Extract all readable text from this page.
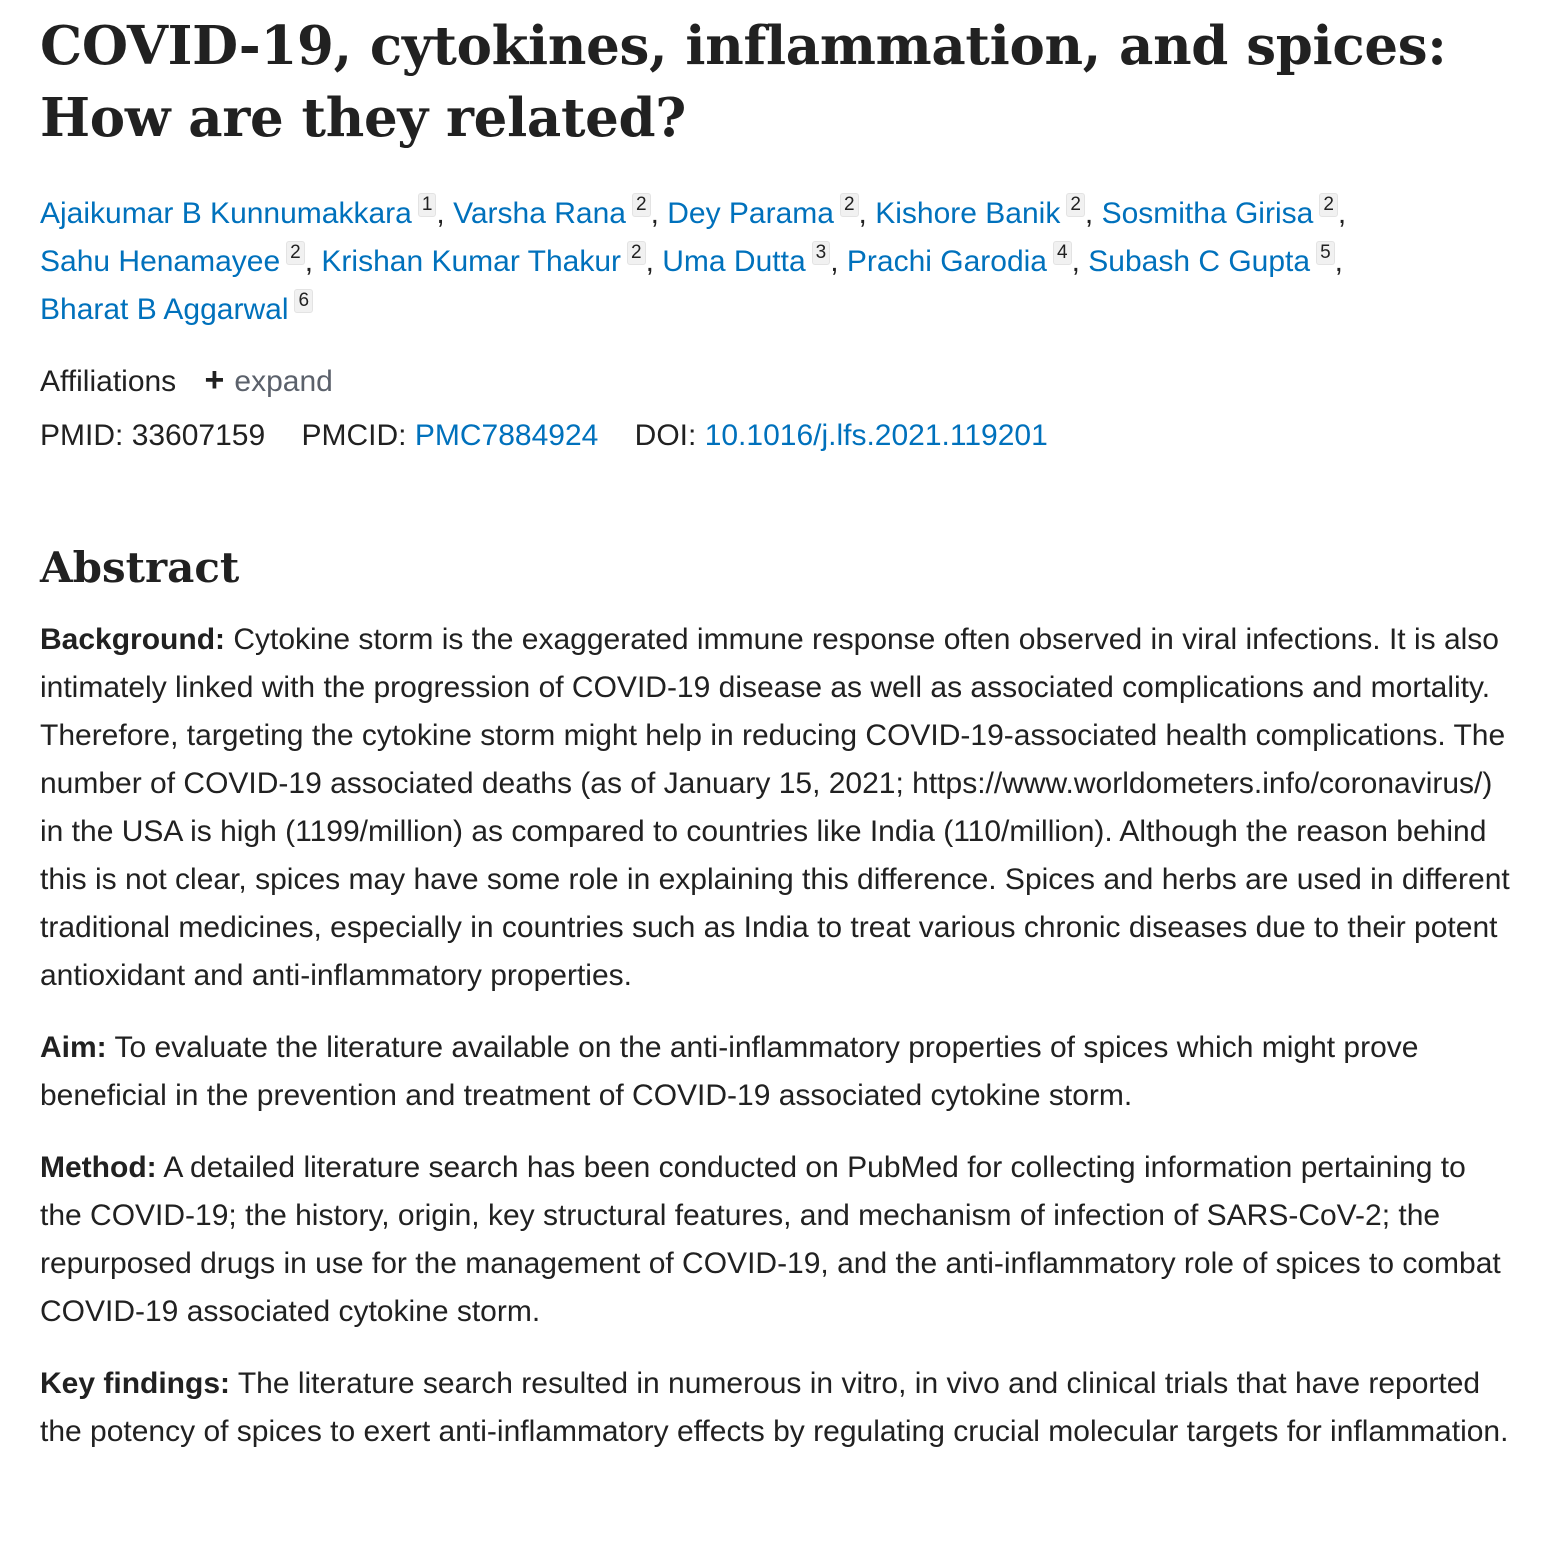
COVID-19, cytokines, inflammation, and spices: How are they related?
Ajaikumar B Kunnumakkara 1 , Varsha Rana 2 , Dey Parama 2 , Kishore Banik 2 , Sosmitha Girisa 2 ,
Sahu Henamayee 2 , Krishan Kumar Thakur 2 , Uma Dutta 3 , Prachi Garodia 4 , Subash C Gupta 5 ,
Bharat B Aggarwal 6
Affiliations + expand
PMID: 33607159 PMCID: PMC7884924 DOI: 10.1016/j.lfs.2021.119201
Abstract

Background: Cytokine storm is the exaggerated immune response often observed in viral infections. It is also intimately linked with the progression of COVID-19 disease as well as associated complications and mortality. Therefore, targeting the cytokine storm might help in reducing COVID-19-associated health complications. The number of COVID-19 associated deaths (as of January 15, 2021; https://www.worldometers.info/coronavirus/) in the USA is high (1199/million) as compared to countries like India (110/million). Although the reason behind this is not clear, spices may have some role in explaining this difference. Spices and herbs are used in different traditional medicines, especially in countries such as India to treat various chronic diseases due to their potent antioxidant and anti-inflammatory properties.

Aim: To evaluate the literature available on the anti-inflammatory properties of spices which might prove beneficial in the prevention and treatment of COVID-19 associated cytokine storm.

Method: A detailed literature search has been conducted on PubMed for collecting information pertaining to the COVID-19; the history, origin, key structural features, and mechanism of infection of SARS-CoV-2; the repurposed drugs in use for the management of COVID-19, and the anti-inflammatory role of spices to combat COVID-19 associated cytokine storm.

Key findings: The literature search resulted in numerous in vitro, in vivo and clinical trials that have reported the potency of spices to exert anti-inflammatory effects by regulating crucial molecular targets for inflammation.
